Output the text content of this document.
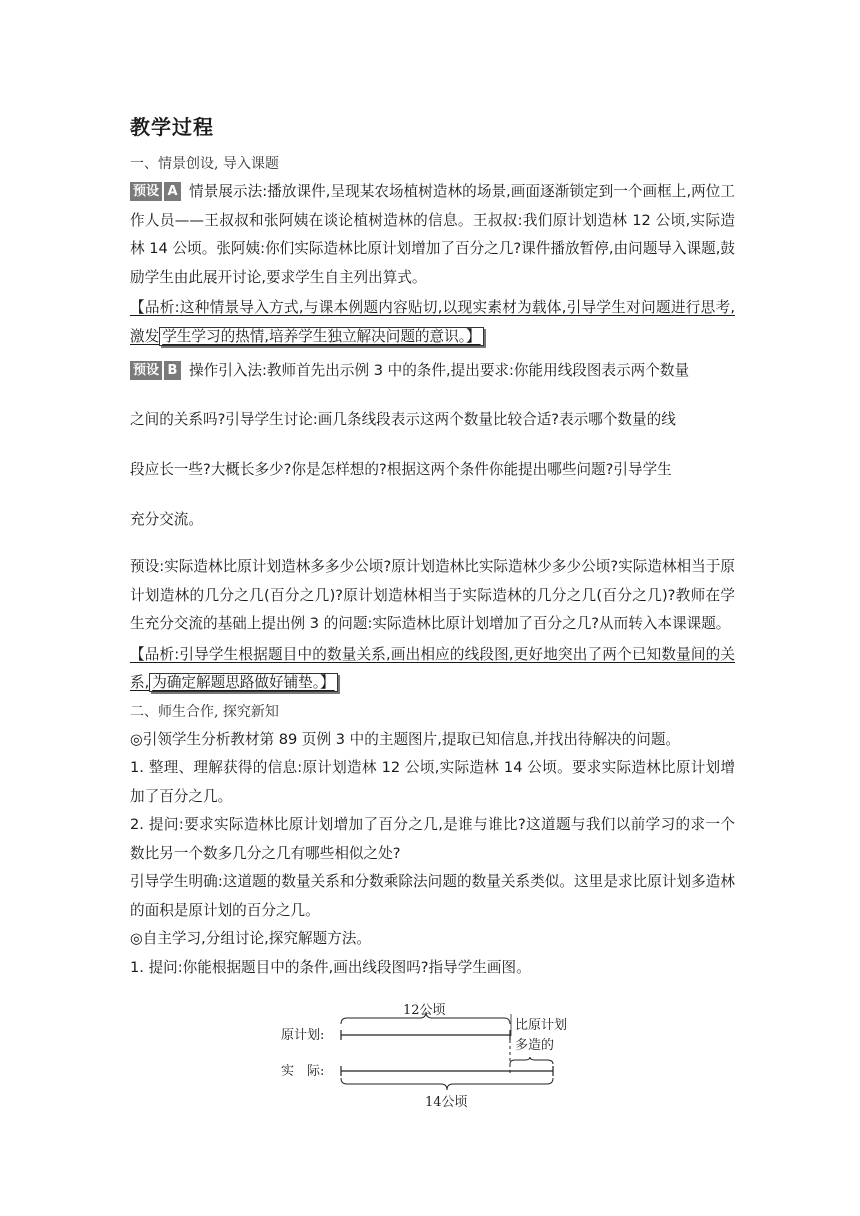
教学过程
一、情景创设, 导入课题

预设 A 情景展示法:播放课件,呈现某农场植树造林的场景,画面逐渐锁定到一个画框上,两位工作人员——王叔叔和张阿姨在谈论植树造林的信息。王叔叔:我们原计划造林 12 公顷,实际造林 14 公顷。张阿姨:你们实际造林比原计划增加了百分之几?课件播放暂停,由问题导入课题,鼓励学生由此展开讨论,要求学生自主列出算式。

【品析:这种情景导入方式,与课本例题内容贴切,以现实素材为载体,引导学生对问题进行思考,激发 学生学习的热情,培养学生独立解决问题的意识。】

预设 B 操作引入法:教师首先出示例 3 中的条件,提出要求:你能用线段图表示两个数量

之间的关系吗?引导学生讨论:画几条线段表示这两个数量比较合适?表示哪个数量的线

段应长一些?大概长多少?你是怎样想的?根据这两个条件你能提出哪些问题?引导学生

充分交流。

预设:实际造林比原计划造林多多少公顷?原计划造林比实际造林少多少公顷?实际造林相当于原计划造林的几分之几(百分之几)?原计划造林相当于实际造林的几分之几(百分之几)?教师在学生充分交流的基础上提出例 3 的问题:实际造林比原计划增加了百分之几?从而转入本课课题。

【品析:引导学生根据题目中的数量关系,画出相应的线段图,更好地突出了两个已知数量间的关系, 为确定解题思路做好铺垫。】

二、师生合作, 探究新知

◎引领学生分析教材第 89 页例 3 中的主题图片,提取已知信息,并找出待解决的问题。

1. 整理、理解获得的信息:原计划造林 12 公顷,实际造林 14 公顷。要求实际造林比原计划增加了百分之几。

2. 提问:要求实际造林比原计划增加了百分之几,是谁与谁比?这道题与我们以前学习的求一个数比另一个数多几分之几有哪些相似之处?

引导学生明确:这道题的数量关系和分数乘除法问题的数量关系类似。这里是求比原计划多造林的面积是原计划的百分之几。

◎自主学习,分组讨论,探究解题方法。

1. 提问:你能根据题目中的条件,画出线段图吗?指导学生画图。

12公顷
原计划:
比原计划
多造的
实　际:
14公顷
